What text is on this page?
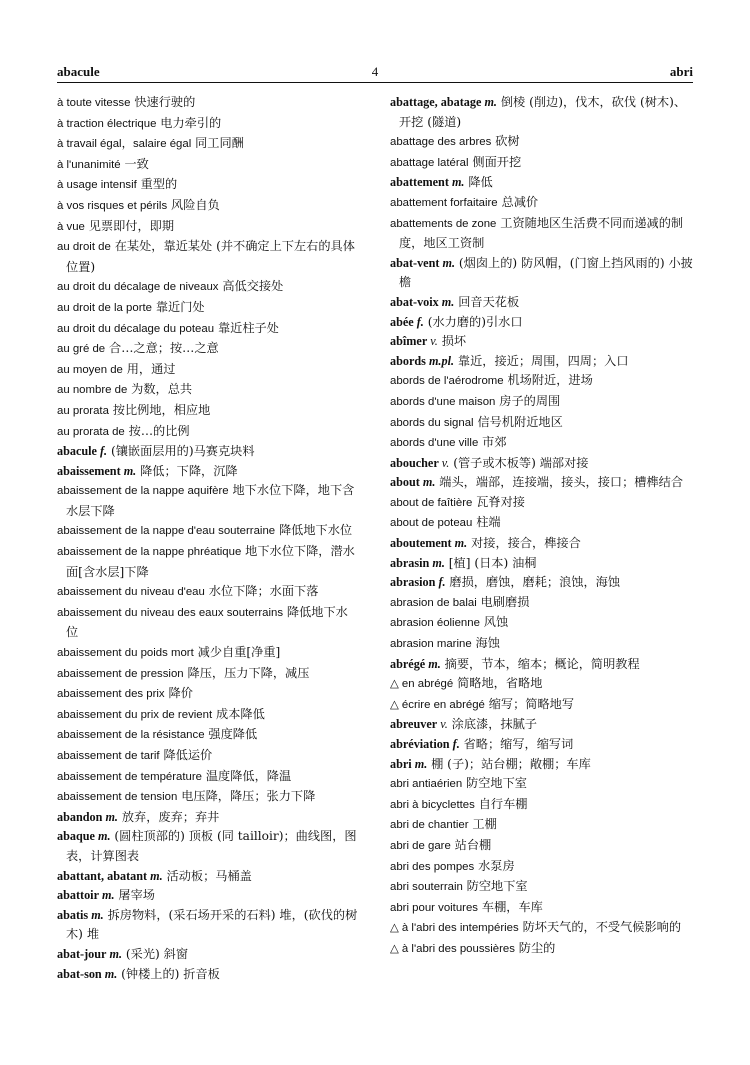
abacule	4	abri
à toute vitesse 快速行驶的
à traction électrique 电力牵引的
à travail égal，salaire égal 同工同酬
à l'unanimité 一致
à usage intensif 重型的
à vos risques et périls 风险自负
à vue 见票即付，即期
au droit de 在某处，靠近某处 (并不确定上下左右的具体位置)
au droit du décalage de niveaux 高低交接处
au droit de la porte 靠近门处
au droit du décalage du poteau 靠近柱子处
au gré de 合…之意；按…之意
au moyen de 用，通过
au nombre de 为数，总共
au prorata 按比例地，相应地
au prorata de 按…的比例
abacule f. (镶嵌面层用的)马赛克块料
abaissement m. 降低；下降，沉降
abaissement de la nappe aquifère 地下水位下降，地下含水层下降
abaissement de la nappe d'eau souterraine 降低地下水位
abaissement de la nappe phréatique 地下水位下降，潜水面[含水层]下降
abaissement du niveau d'eau 水位下降；水面下落
abaissement du niveau des eaux souterrains 降低地下水位
abaissement du poids mort 减少自重[净重]
abaissement de pression 降压，压力下降，减压
abaissement des prix 降价
abaissement du prix de revient 成本降低
abaissement de la résistance 强度降低
abaissement de tarif 降低运价
abaissement de température 温度降低，降温
abaissement de tension 电压降，降压；张力下降
abandon m. 放弃，废弃；弃井
abaque m. (圆柱顶部的) 顶板 (同 tailloir)；曲线图，图表，计算图表
abattant, abatant m. 活动板；马桶盖
abattoir m. 屠宰场
abatis m. 拆房物料，(采石场开采的石料) 堆，(砍伐的树木) 堆
abat-jour m. (采光) 斜窗
abat-son m. (钟楼上的) 折音板
abattage, abatage m. 倒棱 (削边)，伐木，砍伐 (树木)、开挖 (隧道)
abattage des arbres 砍树
abattage latéral 侧面开挖
abattement m. 降低
abattement forfaitaire 总减价
abattements de zone 工资随地区生活费不同而递减的制度，地区工资制
abat-vent m. (烟囱上的) 防风帽，(门窗上挡风雨的) 小披檐
abat-voix m. 回音天花板
abée f. (水力磨的)引水口
abîmer v. 损坏
abords m.pl. 靠近，接近；周围，四周；入口
abords de l'aérodrome 机场附近，进场
abords d'une maison 房子的周围
abords du signal 信号机附近地区
abords d'une ville 市郊
aboucher v. (管子或木板等) 端部对接
about m. 端头，端部，连接端，接头，接口；槽榫结合
about de faîtière 瓦脊对接
about de poteau 柱端
aboutement m. 对接，接合，榫接合
abrasin m. [植] (日本) 油桐
abrasion f. 磨损，磨蚀，磨耗；浪蚀，海蚀
abrasion de balai 电刷磨损
abrasion éolienne 风蚀
abrasion marine 海蚀
abrégé m. 摘要，节本，缩本；概论，简明教程
△ en abrégé 简略地，省略地
△ écrire en abrégé 缩写；简略地写
abreuver v. 涂底漆，抹腻子
abréviation f. 省略；缩写，缩写词
abri m. 棚 (子)；站台棚；敞棚；车库
abri antiaérien 防空地下室
abri à bicyclettes 自行车棚
abri de chantier 工棚
abri de gare 站台棚
abri des pompes 水泵房
abri souterrain 防空地下室
abri pour voitures 车棚，车库
△ à l'abri des intempéries 防坏天气的，不受气候影响的
△ à l'abri des poussières 防尘的
